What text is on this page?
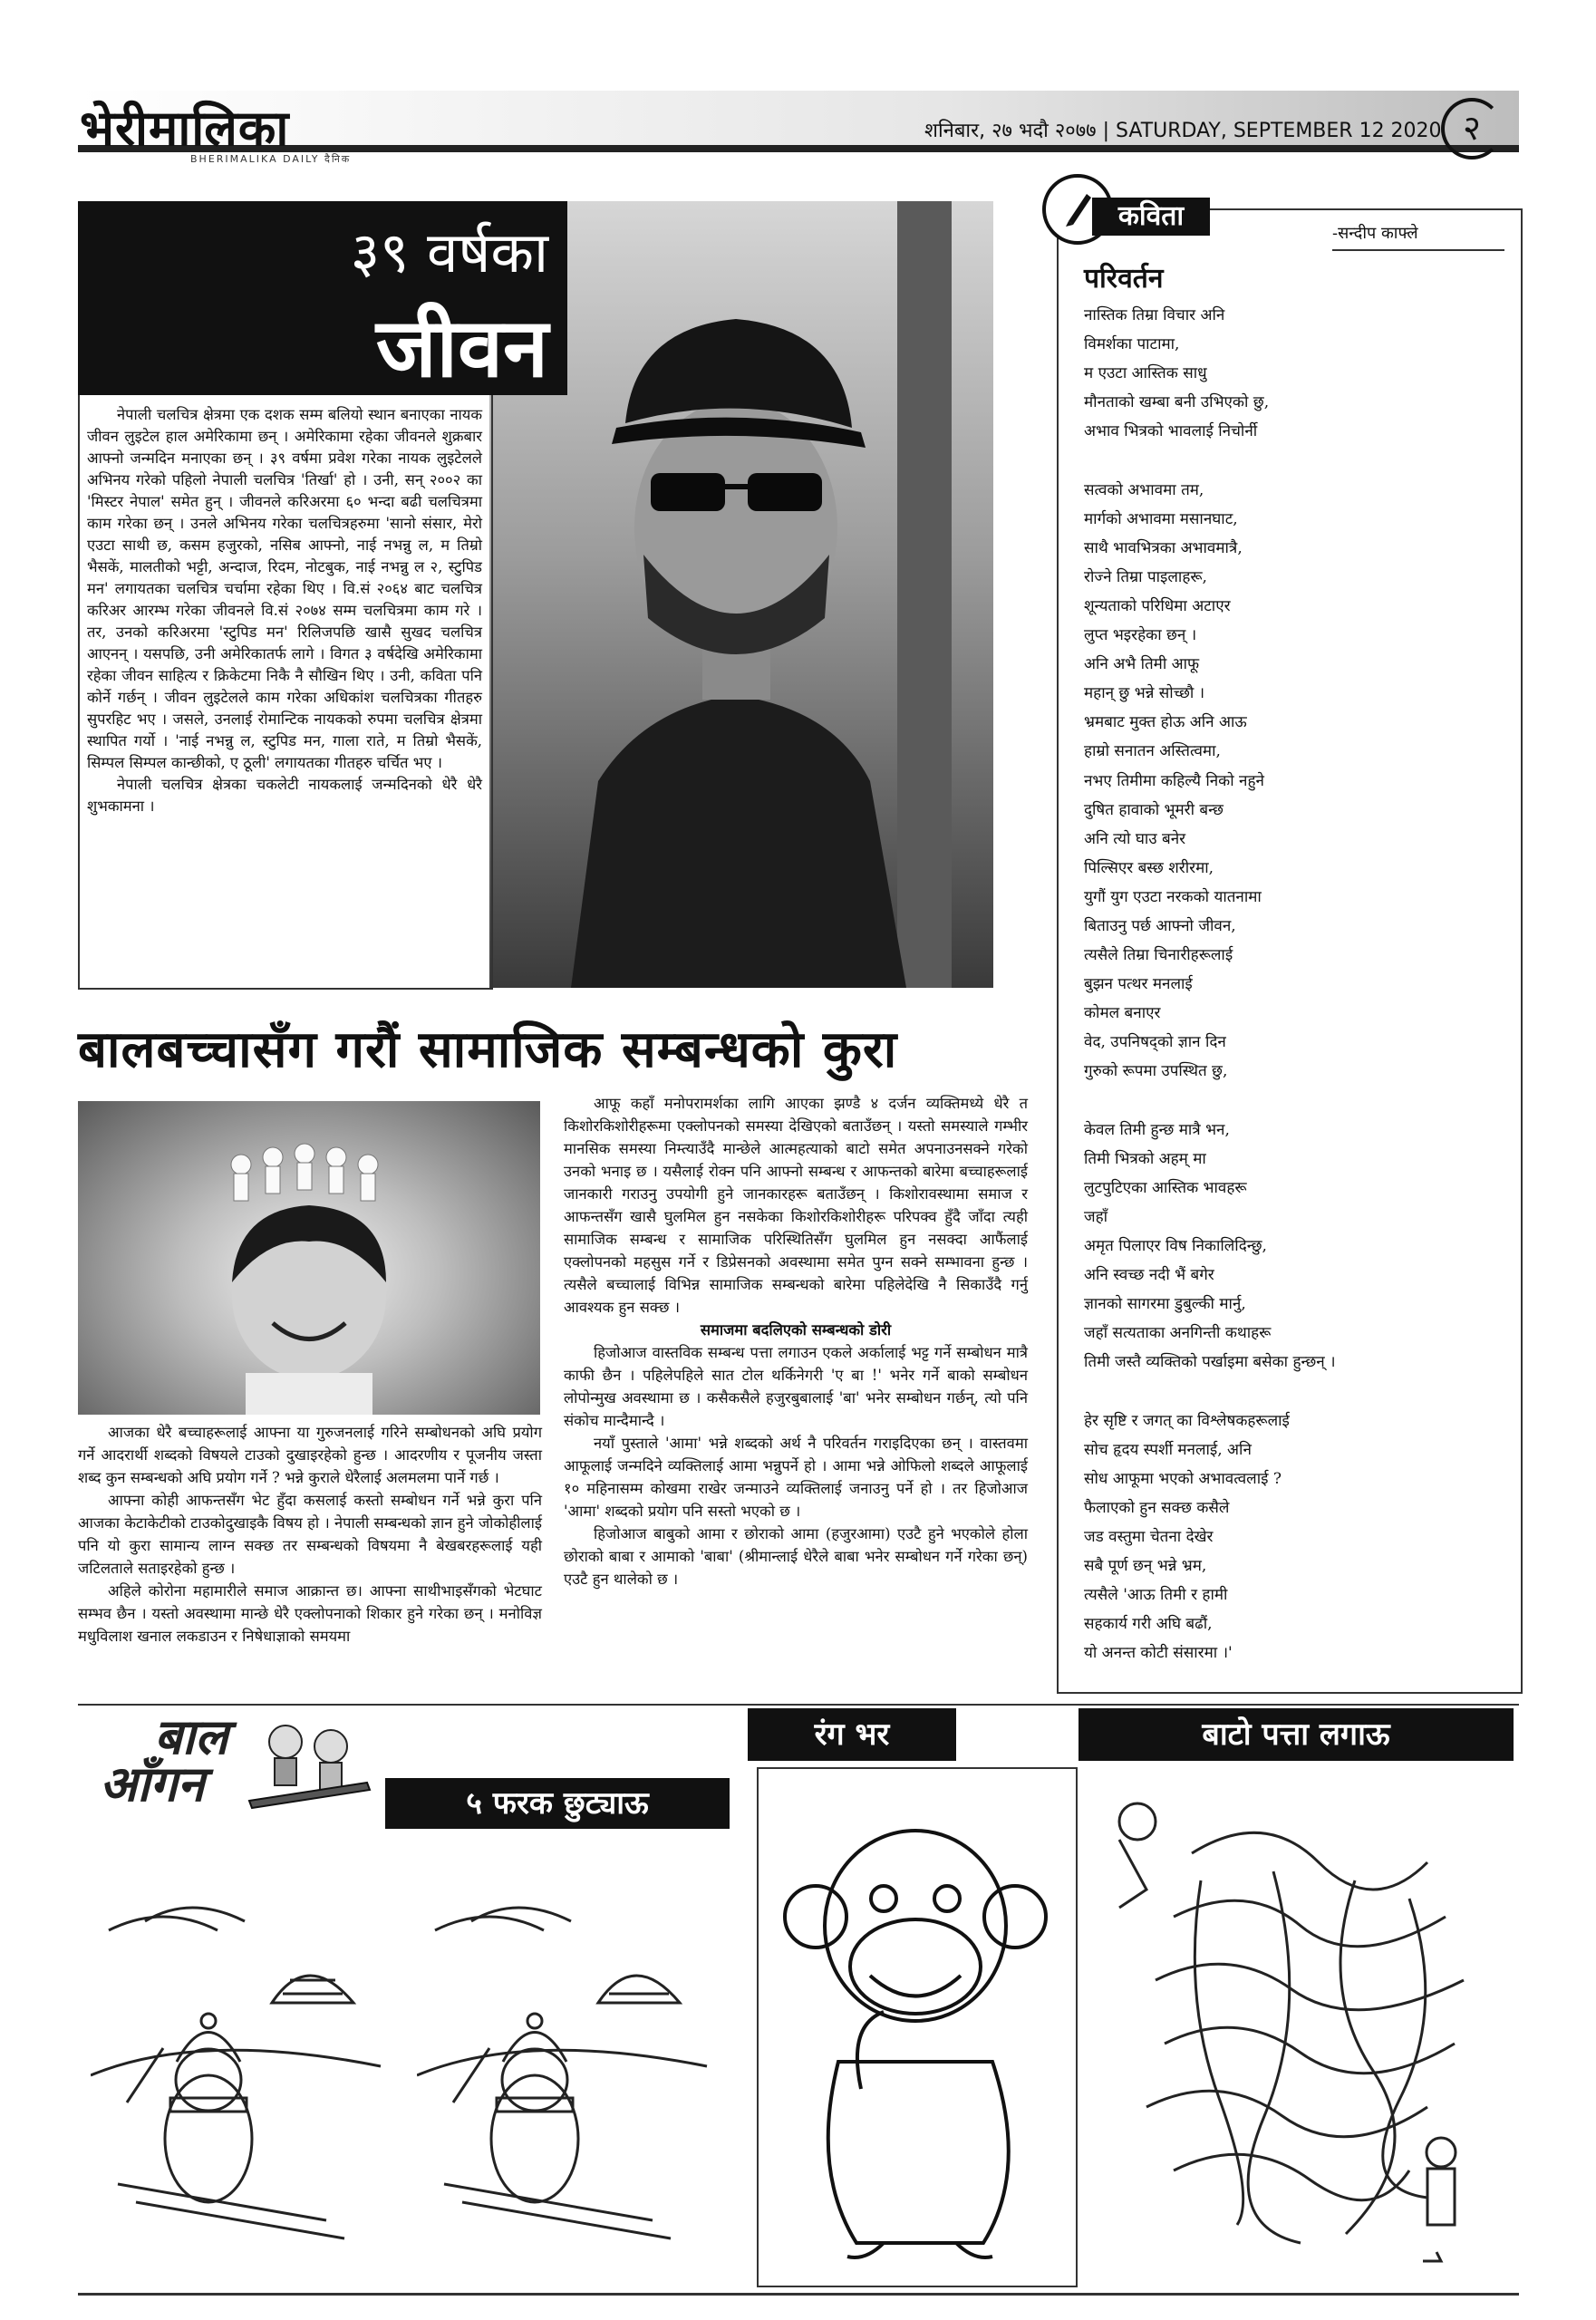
भेरीमालिका
BHERIMALIKA DAILY दैनिक
शनिबार, २७ भदौ २०७७ | SATURDAY, SEPTEMBER 12 2020 २
३९ वर्षका
जीवन

नेपाली चलचित्र क्षेत्रमा एक दशक सम्म बलियो स्थान बनाएका नायक जीवन लुइटेल हाल अमेरिकामा छन् । अमेरिकामा रहेका जीवनले शुक्रबार आफ्नो जन्मदिन मनाएका छन् । ३९ वर्षमा प्रवेश गरेका नायक लुइटेलले अभिनय गरेको पहिलो नेपाली चलचित्र 'तिर्खा' हो । उनी, सन् २००२ का 'मिस्टर नेपाल' समेत हुन् । जीवनले करिअरमा ६० भन्दा बढी चलचित्रमा काम गरेका छन् । उनले अभिनय गरेका चलचित्रहरुमा 'सानो संसार, मेरो एउटा साथी छ, कसम हजुरको, नसिब आफ्नो, नाई नभन्नु ल, म तिम्रो भैसकें, मालतीको भट्टी, अन्दाज, रिदम, नोटबुक, नाई नभन्नु ल २, स्टुपिड मन' लगायतका चलचित्र चर्चामा रहेका थिए । वि.सं २०६४ बाट चलचित्र करिअर आरम्भ गरेका जीवनले वि.सं २०७४ सम्म चलचित्रमा काम गरे । तर, उनको करिअरमा 'स्टुपिड मन' रिलिजपछि खासै सुखद चलचित्र आएनन् । यसपछि, उनी अमेरिकातर्फ लागे । विगत ३ वर्षदेखि अमेरिकामा रहेका जीवन साहित्य र क्रिकेटमा निकै नै सौखिन थिए । उनी, कविता पनि कोर्ने गर्छन् । जीवन लुइटेलले काम गरेका अधिकांश चलचित्रका गीतहरु सुपरहिट भए । जसले, उनलाई रोमान्टिक नायकको रुपमा चलचित्र क्षेत्रमा स्थापित गर्यो । 'नाई नभन्नु ल, स्टुपिड मन, गाला राते, म तिम्रो भैसकें, सिम्पल सिम्पल कान्छीको, ए ठूली' लगायतका गीतहरु चर्चित भए ।

नेपाली चलचित्र क्षेत्रका चकलेटी नायकलाई जन्मदिनको धेरै धेरै शुभकामना ।

बालबच्चासँग गरौं सामाजिक सम्बन्धको कुरा

आजका धेरै बच्चाहरूलाई आफ्ना या गुरुजनलाई गरिने सम्बोधनको अघि प्रयोग गर्ने आदरार्थी शब्दको विषयले टाउको दुखाइरहेको हुन्छ । आदरणीय र पूजनीय जस्ता शब्द कुन सम्बन्धको अघि प्रयोग गर्ने ? भन्ने कुराले धेरैलाई अलमलमा पार्ने गर्छ ।

आफ्ना कोही आफन्तसँग भेट हुँदा कसलाई कस्तो सम्बोधन गर्ने भन्ने कुरा पनि आजका केटाकेटीको टाउकोदुखाइकै विषय हो । नेपाली सम्बन्धको ज्ञान हुने जोकोहीलाई पनि यो कुरा सामान्य लाग्न सक्छ तर सम्बन्धको विषयमा नै बेखबरहरूलाई यही जटिलताले सताइरहेको हुन्छ ।

अहिले कोरोना महामारीले समाज आक्रान्त छ। आफ्ना साथीभाइसँगको भेटघाट सम्भव छैन । यस्तो अवस्थामा मान्छे धेरै एक्लोपनाको शिकार हुने गरेका छन् । मनोविज्ञ मधुविलाश खनाल लकडाउन र निषेधाज्ञाको समयमा

आफू कहाँ मनोपरामर्शका लागि आएका झण्डै ४ दर्जन व्यक्तिमध्ये धेरै त किशोरकिशोरीहरूमा एक्लोपनको समस्या देखिएको बताउँछन् । यस्तो समस्याले गम्भीर मानसिक समस्या निम्त्याउँदै मान्छेले आत्महत्याको बाटो समेत अपनाउनसक्ने गरेको उनको भनाइ छ । यसैलाई रोक्न पनि आफ्नो सम्बन्ध र आफन्तको बारेमा बच्चाहरूलाई जानकारी गराउनु उपयोगी हुने जानकारहरू बताउँछन् । किशोरावस्थामा समाज र आफन्तसँग खासै घुलमिल हुन नसकेका किशोरकिशोरीहरू परिपक्व हुँदै जाँदा त्यही सामाजिक सम्बन्ध र सामाजिक परिस्थितिसँग घुलमिल हुन नसक्दा आफैंलाई एक्लोपनको महसुस गर्ने र डिप्रेसनको अवस्थामा समेत पुग्न सक्ने सम्भावना हुन्छ । त्यसैले बच्चालाई विभिन्न सामाजिक सम्बन्धको बारेमा पहिलेदेखि नै सिकाउँदै गर्नु आवश्यक हुन सक्छ ।

समाजमा बदलिएको सम्बन्धको डोरी

हिजोआज वास्तविक सम्बन्ध पत्ता लगाउन एकले अर्कालाई भट्ट गर्ने सम्बोधन मात्रै काफी छैन । पहिलेपहिले सात टोल थर्किनेगरी 'ए बा !' भनेर गर्ने बाको सम्बोधन लोपोन्मुख अवस्थामा छ । कसैकसैले हजुरबुबालाई 'बा' भनेर सम्बोधन गर्छन्, त्यो पनि संकोच मान्दैमान्दै ।

नयाँ पुस्ताले 'आमा' भन्ने शब्दको अर्थ नै परिवर्तन गराइदिएका छन् । वास्तवमा आफूलाई जन्मदिने व्यक्तिलाई आमा भन्नुपर्ने हो । आमा भन्ने ओफिलो शब्दले आफूलाई १० महिनासम्म कोखमा राखेर जन्माउने व्यक्तिलाई जनाउनु पर्ने हो । तर हिजोआज 'आमा' शब्दको प्रयोग पनि सस्तो भएको छ ।

हिजोआज बाबुको आमा र छोराको आमा (हजुरआमा) एउटै हुने भएकोले होला छोराको बाबा र आमाको 'बाबा' (श्रीमान्लाई धेरैले बाबा भनेर सम्बोधन गर्ने गरेका छन्) एउटै हुन थालेको छ ।

कविता
-सन्दीप काफ्ले
परिवर्तन
नास्तिक तिम्रा विचार अनि
विमर्शका पाटामा,
म एउटा आस्तिक साधु
मौनताको खम्बा बनी उभिएको छु,
अभाव भित्रको भावलाई निचोर्नी

सत्वको अभावमा तम,
मार्गको अभावमा मसानघाट,
साथै भावभित्रका अभावमात्रै,
रोज्ने तिम्रा पाइलाहरू,
शून्यताको परिधिमा अटाएर
लुप्त भइरहेका छन् ।
अनि अभै तिमी आफू
महान् छु भन्ने सोच्छौ ।
भ्रमबाट मुक्त होऊ अनि आऊ
हाम्रो सनातन अस्तित्वमा,
नभए तिमीमा कहिल्यै निको नहुने
दुषित हावाको भूमरी बन्छ
अनि त्यो घाउ बनेर
पिल्सिएर बस्छ शरीरमा,
युगौं युग एउटा नरकको यातनामा
बिताउनु पर्छ आफ्नो जीवन,
त्यसैले तिम्रा चिनारीहरूलाई
बुझन पत्थर मनलाई
कोमल बनाएर
वेद, उपनिषद्को ज्ञान दिन
गुरुको रूपमा उपस्थित छु,

केवल तिमी हुन्छ मात्रै भन,
तिमी भित्रको अहम् मा
लुटपुटिएका आस्तिक भावहरू
जहाँ
अमृत पिलाएर विष निकालिदिन्छु,
अनि स्वच्छ नदी भैं बगेर
ज्ञानको सागरमा डुबुल्की मार्नु,
जहाँ सत्यताका अनगिन्ती कथाहरू
तिमी जस्तै व्यक्तिको पर्खाइमा बसेका हुन्छन् ।

हेर सृष्टि र जगत् का विश्लेषकहरूलाई
सोच हृदय स्पर्शी मनलाई, अनि
सोध आफूमा भएको अभावत्वलाई ?
फैलाएको हुन सक्छ कसैले
जड वस्तुमा चेतना देखेर
सबै पूर्ण छन् भन्ने भ्रम,
त्यसैले 'आऊ तिमी र हामी
सहकार्य गरी अघि बढौं,
यो अनन्त कोटी संसारमा ।'
बाल
आँगन	५ फरक छुट्याऊ
रंग भर	बाटो पत्ता लगाऊ
